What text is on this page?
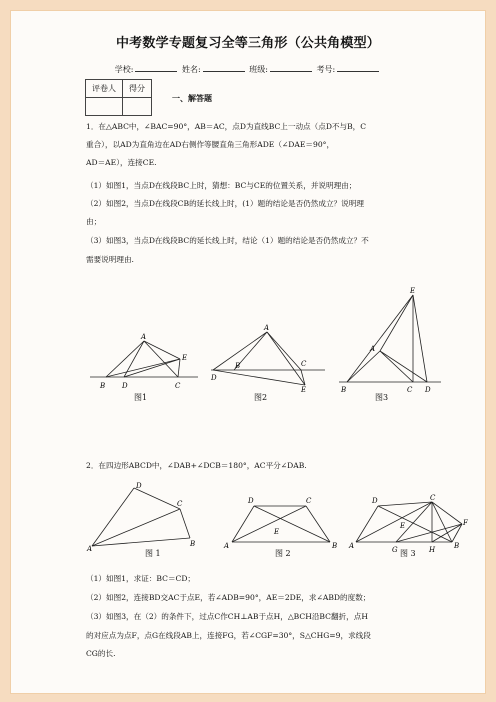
中考数学专题复习全等三角形（公共角模型）
学校:	姓名:	班级:	考号:
评卷人	得分

一、解答题
1．在△ABC中，∠BAC=90°，AB＝AC，点D为直线BC上一动点（点D不与B，C
重合），以AD为直角边在AD右侧作等腰直角三角形ADE（∠DAE＝90°，
AD＝AE），连接CE.
（1）如图1，当点D在线段BC上时，猜想：BC与CE的位置关系，并说明理由；
（2）如图2，当点D在线段CB的延长线上时，(1）题的结论是否仍然成立？说明理
由；
（3）如图3，当点D在线段BC的延长线上时，结论（1）题的结论是否仍然成立？不
需要说明理由.
A
B D	C
E
图1
A
B	C
D
E
图2
E
A
B	C D
图3
2．在四边形ABCD中，∠DAB+∠DCB＝180°，AC平分∠DAB.
D
C
A
B
图 1
D	C
E
A	B
图 2
D	C
E	F
A	G	H	B
图 3
（1）如图1，求证：BC＝CD；
（2）如图2，连接BD交AC于点E，若∠ADB=90°，AE＝2DE，求∠ABD的度数；
（3）如图3，在（2）的条件下，过点C作CH⊥AB于点H，△BCH沿BC翻折，点H
的对应点为点F，点G在线段AB上，连接FG，若∠CGF=30°，S△CHG=9，求线段
CG的长.
